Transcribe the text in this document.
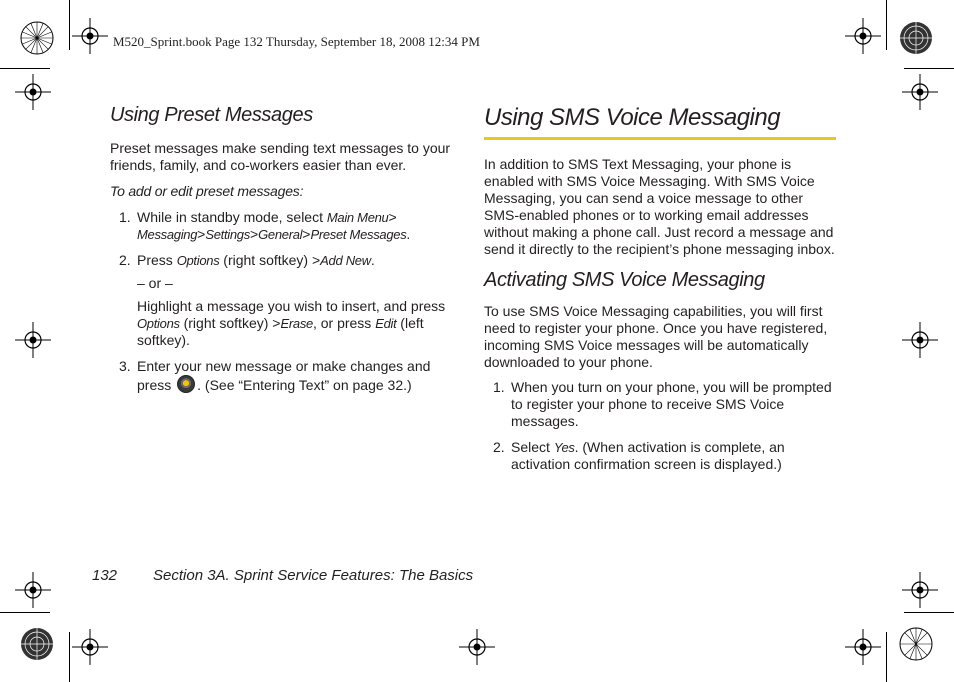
M520_Sprint.book Page 132 Thursday, September 18, 2008 12:34 PM
Using Preset Messages

Preset messages make sending text messages to your friends, family, and co-workers easier than ever.

To add or edit preset messages:

1. While in standby mode, select Main Menu> Messaging>Settings>General>Preset Messages.
2. Press Options (right softkey) >Add New.
– or –
Highlight a message you wish to insert, and press Options (right softkey) >Erase, or press Edit (left softkey).
3. Enter your new message or make changes and press . (See “Entering Text” on page 32.)
Using SMS Voice Messaging

In addition to SMS Text Messaging, your phone is enabled with SMS Voice Messaging. With SMS Voice Messaging, you can send a voice message to other SMS-enabled phones or to working email addresses without making a phone call. Just record a message and send it directly to the recipient’s phone messaging inbox.

Activating SMS Voice Messaging

To use SMS Voice Messaging capabilities, you will first need to register your phone. Once you have registered, incoming SMS Voice messages will be automatically downloaded to your phone.

1. When you turn on your phone, you will be prompted to register your phone to receive SMS Voice messages.
2. Select Yes. (When activation is complete, an activation confirmation screen is displayed.)
132 Section 3A. Sprint Service Features: The Basics
